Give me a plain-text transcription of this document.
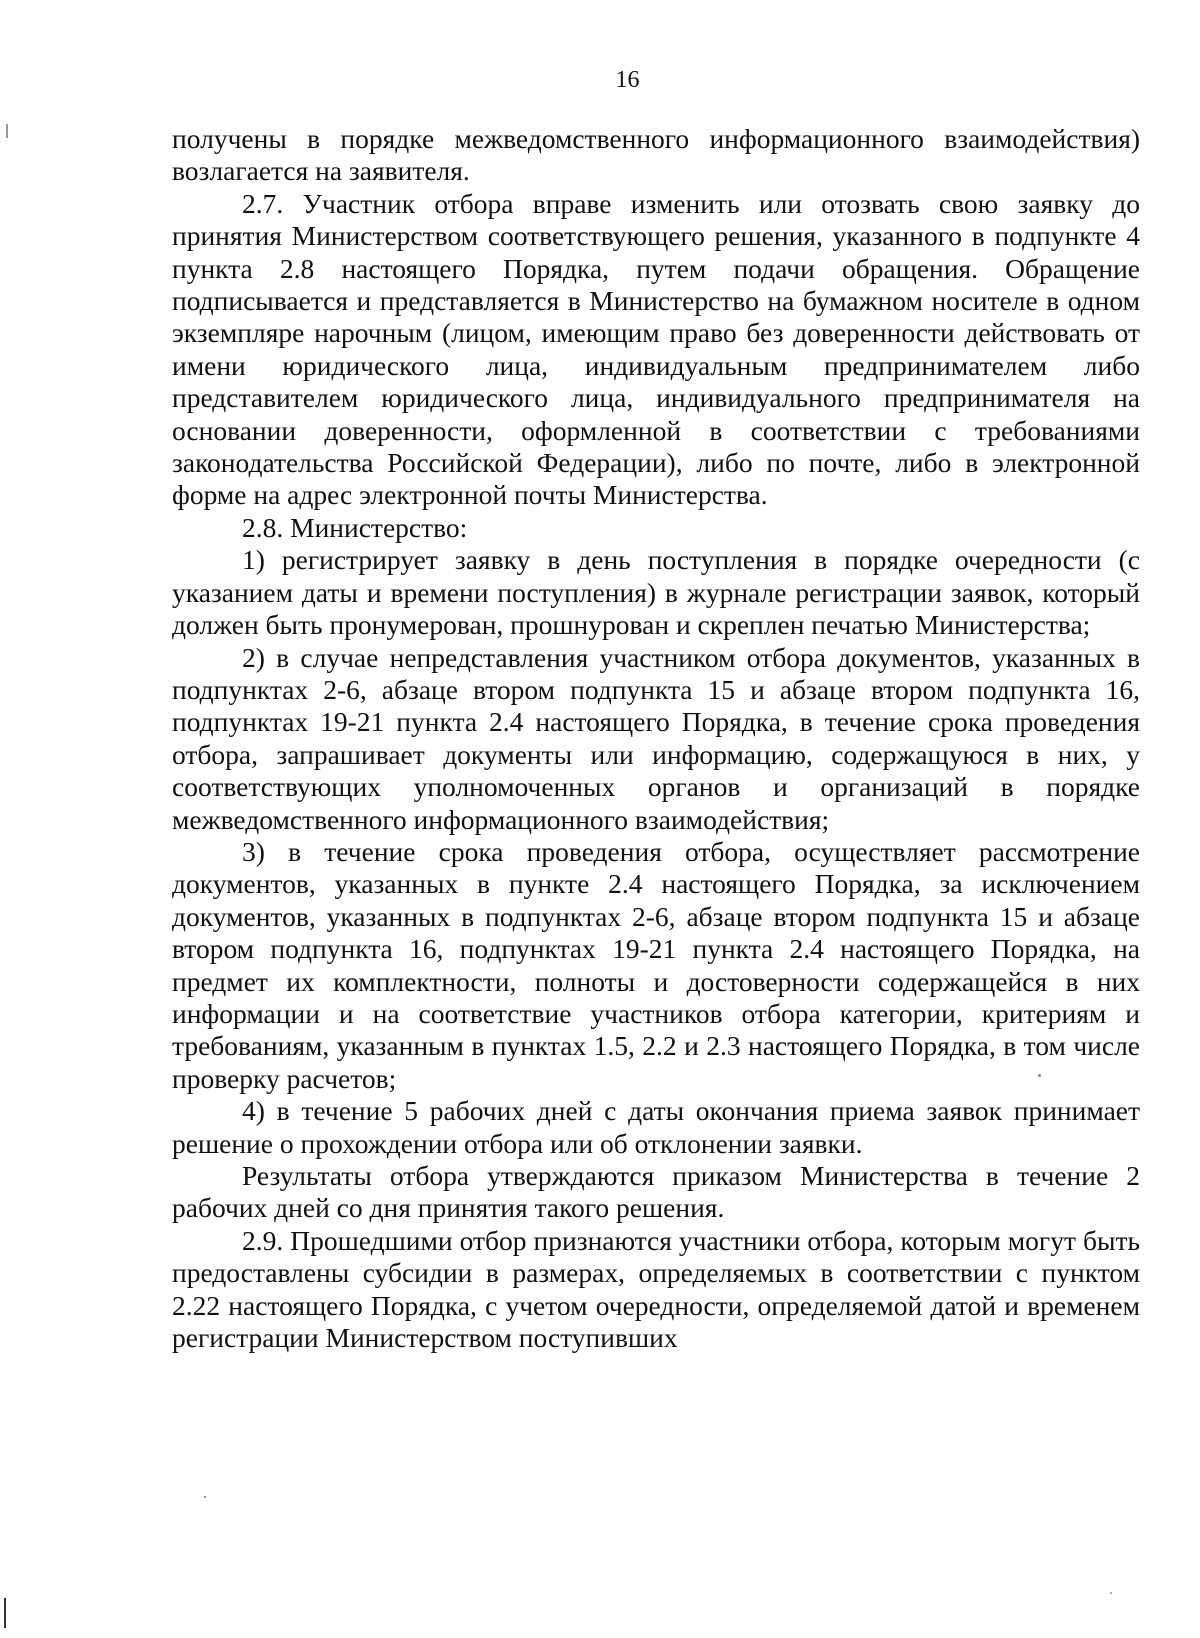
16

получены в порядке межведомственного информационного взаимодействия) возлагается на заявителя.

2.7. Участник отбора вправе изменить или отозвать свою заявку до принятия Министерством соответствующего решения, указанного в подпункте 4 пункта 2.8 настоящего Порядка, путем подачи обращения. Обращение подписывается и представляется в Министерство на бумажном носителе в одном экземпляре нарочным (лицом, имеющим право без доверенности действовать от имени юридического лица, индивидуальным предпринимателем либо представителем юридического лица, индивидуального предпринимателя на основании доверенности, оформленной в соответствии с требованиями законодательства Российской Федерации), либо по почте, либо в электронной форме на адрес электронной почты Министерства.

2.8. Министерство:

1) регистрирует заявку в день поступления в порядке очередности (с указанием даты и времени поступления) в журнале регистрации заявок, который должен быть пронумерован, прошнурован и скреплен печатью Министерства;

2) в случае непредставления участником отбора документов, указанных в подпунктах 2-6, абзаце втором подпункта 15 и абзаце втором подпункта 16, подпунктах 19-21 пункта 2.4 настоящего Порядка, в течение срока проведения отбора, запрашивает документы или информацию, содержащуюся в них, у соответствующих уполномоченных органов и организаций в порядке межведомственного информационного взаимодействия;

3) в течение срока проведения отбора, осуществляет рассмотрение документов, указанных в пункте 2.4 настоящего Порядка, за исключением документов, указанных в подпунктах 2-6, абзаце втором подпункта 15 и абзаце втором подпункта 16, подпунктах 19-21 пункта 2.4 настоящего Порядка, на предмет их комплектности, полноты и достоверности содержащейся в них информации и на соответствие участников отбора категории, критериям и требованиям, указанным в пунктах 1.5, 2.2 и 2.3 настоящего Порядка, в том числе проверку расчетов;

4) в течение 5 рабочих дней с даты окончания приема заявок принимает решение о прохождении отбора или об отклонении заявки.

Результаты отбора утверждаются приказом Министерства в течение 2 рабочих дней со дня принятия такого решения.

2.9. Прошедшими отбор признаются участники отбора, которым могут быть предоставлены субсидии в размерах, определяемых в соответствии с пунктом 2.22 настоящего Порядка, с учетом очередности, определяемой датой и временем регистрации Министерством поступивших
